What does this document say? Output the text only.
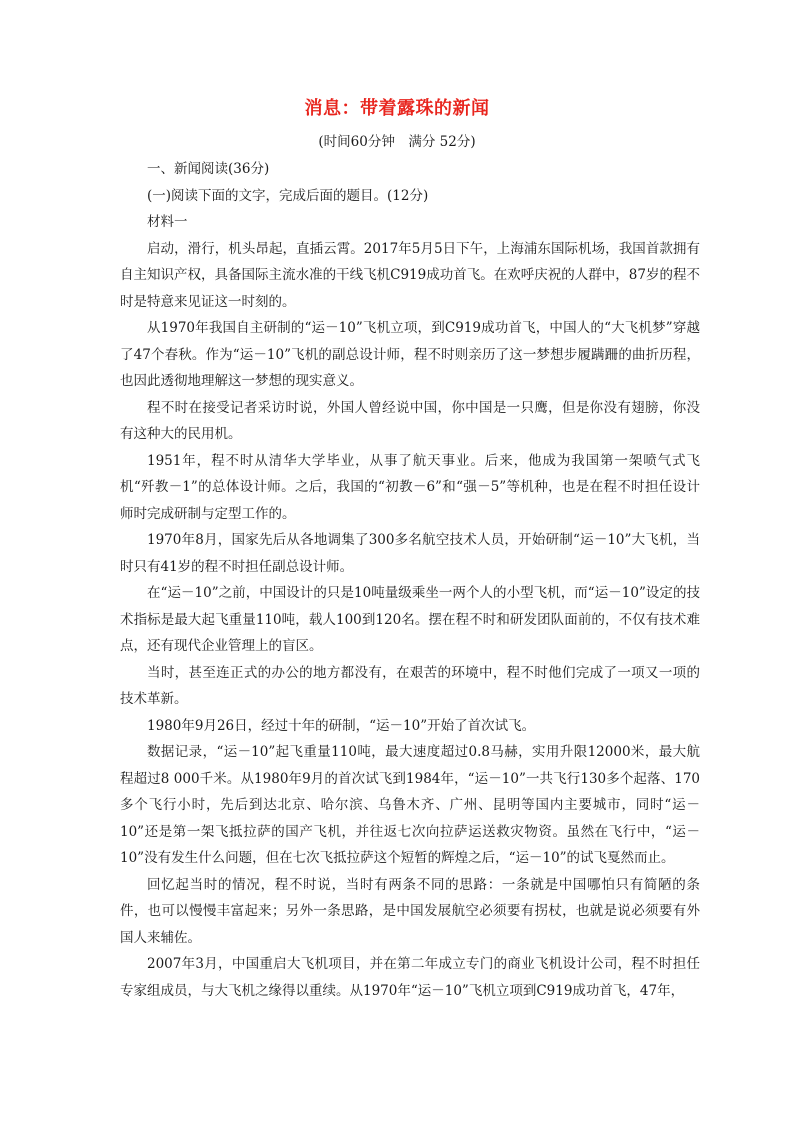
消息：带着露珠的新闻
(时间60分钟　满分 52分)

一、新闻阅读(36分)

(一)阅读下面的文字，完成后面的题目。(12分)

材料一

启动，滑行，机头昂起，直插云霄。2017年5月5日下午，上海浦东国际机场，我国首款拥有自主知识产权，具备国际主流水准的干线飞机C919成功首飞。在欢呼庆祝的人群中，87岁的程不时是特意来见证这一时刻的。

从1970年我国自主研制的“运－10”飞机立项，到C919成功首飞，中国人的“大飞机梦”穿越了47个春秋。作为“运－10”飞机的副总设计师，程不时则亲历了这一梦想步履蹒跚的曲折历程，也因此透彻地理解这一梦想的现实意义。

程不时在接受记者采访时说，外国人曾经说中国，你中国是一只鹰，但是你没有翅膀，你没有这种大的民用机。

1951年，程不时从清华大学毕业，从事了航天事业。后来，他成为我国第一架喷气式飞机“歼教－1”的总体设计师。之后，我国的“初教－6”和“强－5”等机种，也是在程不时担任设计师时完成研制与定型工作的。

1970年8月，国家先后从各地调集了300多名航空技术人员，开始研制“运－10”大飞机，当时只有41岁的程不时担任副总设计师。

在“运－10”之前，中国设计的只是10吨量级乘坐一两个人的小型飞机，而“运－10”设定的技术指标是最大起飞重量110吨，载人100到120名。摆在程不时和研发团队面前的，不仅有技术难点，还有现代企业管理上的盲区。

当时，甚至连正式的办公的地方都没有，在艰苦的环境中，程不时他们完成了一项又一项的技术革新。

1980年9月26日，经过十年的研制，“运－10”开始了首次试飞。

数据记录，“运－10”起飞重量110吨，最大速度超过0.8马赫，实用升限12000米，最大航程超过8 000千米。从1980年9月的首次试飞到1984年，“运－10”一共飞行130多个起落、170多个飞行小时，先后到达北京、哈尔滨、乌鲁木齐、广州、昆明等国内主要城市，同时“运－10”还是第一架飞抵拉萨的国产飞机，并往返七次向拉萨运送救灾物资。虽然在飞行中，“运－10”没有发生什么问题，但在七次飞抵拉萨这个短暂的辉煌之后，“运－10”的试飞戛然而止。

回忆起当时的情况，程不时说，当时有两条不同的思路：一条就是中国哪怕只有简陋的条件，也可以慢慢丰富起来；另外一条思路，是中国发展航空必须要有拐杖，也就是说必须要有外国人来辅佐。

2007年3月，中国重启大飞机项目，并在第二年成立专门的商业飞机设计公司，程不时担任专家组成员，与大飞机之缘得以重续。从1970年“运－10”飞机立项到C919成功首飞，47年，
